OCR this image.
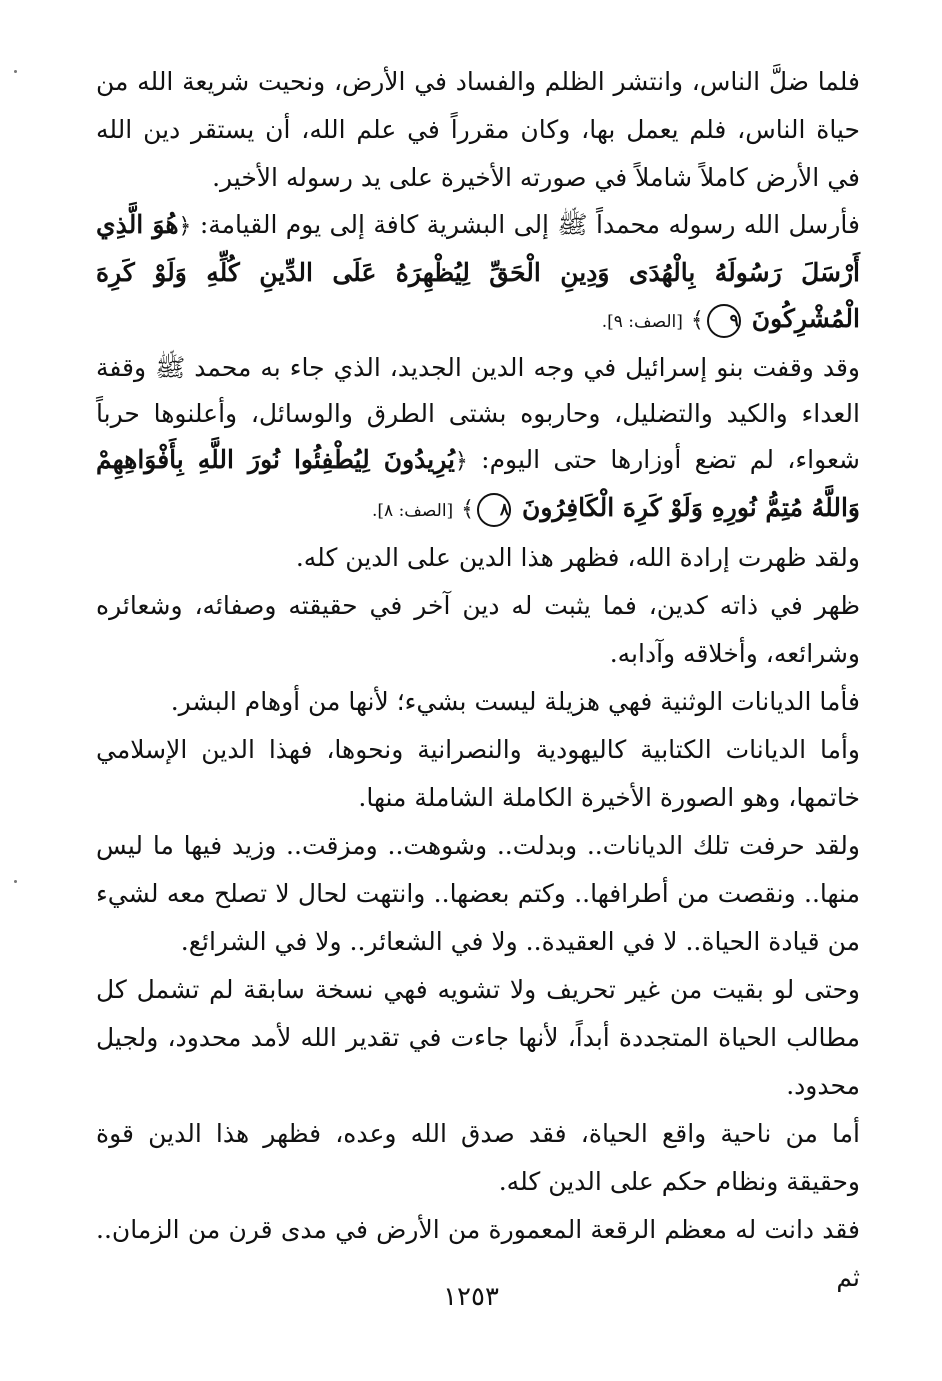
فلما ضلَّ الناس، وانتشر الظلم والفساد في الأرض، ونحيت شريعة الله من حياة الناس، فلم يعمل بها، وكان مقرراً في علم الله، أن يستقر دين الله في الأرض كاملاً شاملاً في صورته الأخيرة على يد رسوله الأخير.

فأرسل الله رسوله محمداً ﷺ إلى البشرية كافة إلى يوم القيامة: ﴿هُوَ الَّذِي أَرْسَلَ رَسُولَهُ بِالْهُدَى وَدِينِ الْحَقِّ لِيُظْهِرَهُ عَلَى الدِّينِ كُلِّهِ وَلَوْ كَرِهَ الْمُشْرِكُونَ ٩﴾ [الصف: ٩].

وقد وقفت بنو إسرائيل في وجه الدين الجديد، الذي جاء به محمد ﷺ وقفة العداء والكيد والتضليل، وحاربوه بشتى الطرق والوسائل، وأعلنوها حرباً شعواء، لم تضع أوزارها حتى اليوم: ﴿يُرِيدُونَ لِيُطْفِئُوا نُورَ اللَّهِ بِأَفْوَاهِهِمْ وَاللَّهُ مُتِمُّ نُورِهِ وَلَوْ كَرِهَ الْكَافِرُونَ ٨﴾ [الصف: ٨].

ولقد ظهرت إرادة الله، فظهر هذا الدين على الدين كله.

ظهر في ذاته كدين، فما يثبت له دين آخر في حقيقته وصفائه، وشعائره وشرائعه، وأخلاقه وآدابه.

فأما الديانات الوثنية فهي هزيلة ليست بشيء؛ لأنها من أوهام البشر.

وأما الديانات الكتابية كاليهودية والنصرانية ونحوها، فهذا الدين الإسلامي خاتمها، وهو الصورة الأخيرة الكاملة الشاملة منها.

ولقد حرفت تلك الديانات.. وبدلت.. وشوهت.. ومزقت.. وزيد فيها ما ليس منها.. ونقصت من أطرافها.. وكتم بعضها.. وانتهت لحال لا تصلح معه لشيء من قيادة الحياة.. لا في العقيدة.. ولا في الشعائر.. ولا في الشرائع.

وحتى لو بقيت من غير تحريف ولا تشويه فهي نسخة سابقة لم تشمل كل مطالب الحياة المتجددة أبداً، لأنها جاءت في تقدير الله لأمد محدود، ولجيل محدود.

أما من ناحية واقع الحياة، فقد صدق الله وعده، فظهر هذا الدين قوة وحقيقة ونظام حكم على الدين كله.

فقد دانت له معظم الرقعة المعمورة من الأرض في مدى قرن من الزمان.. ثم

١٢٥٣
